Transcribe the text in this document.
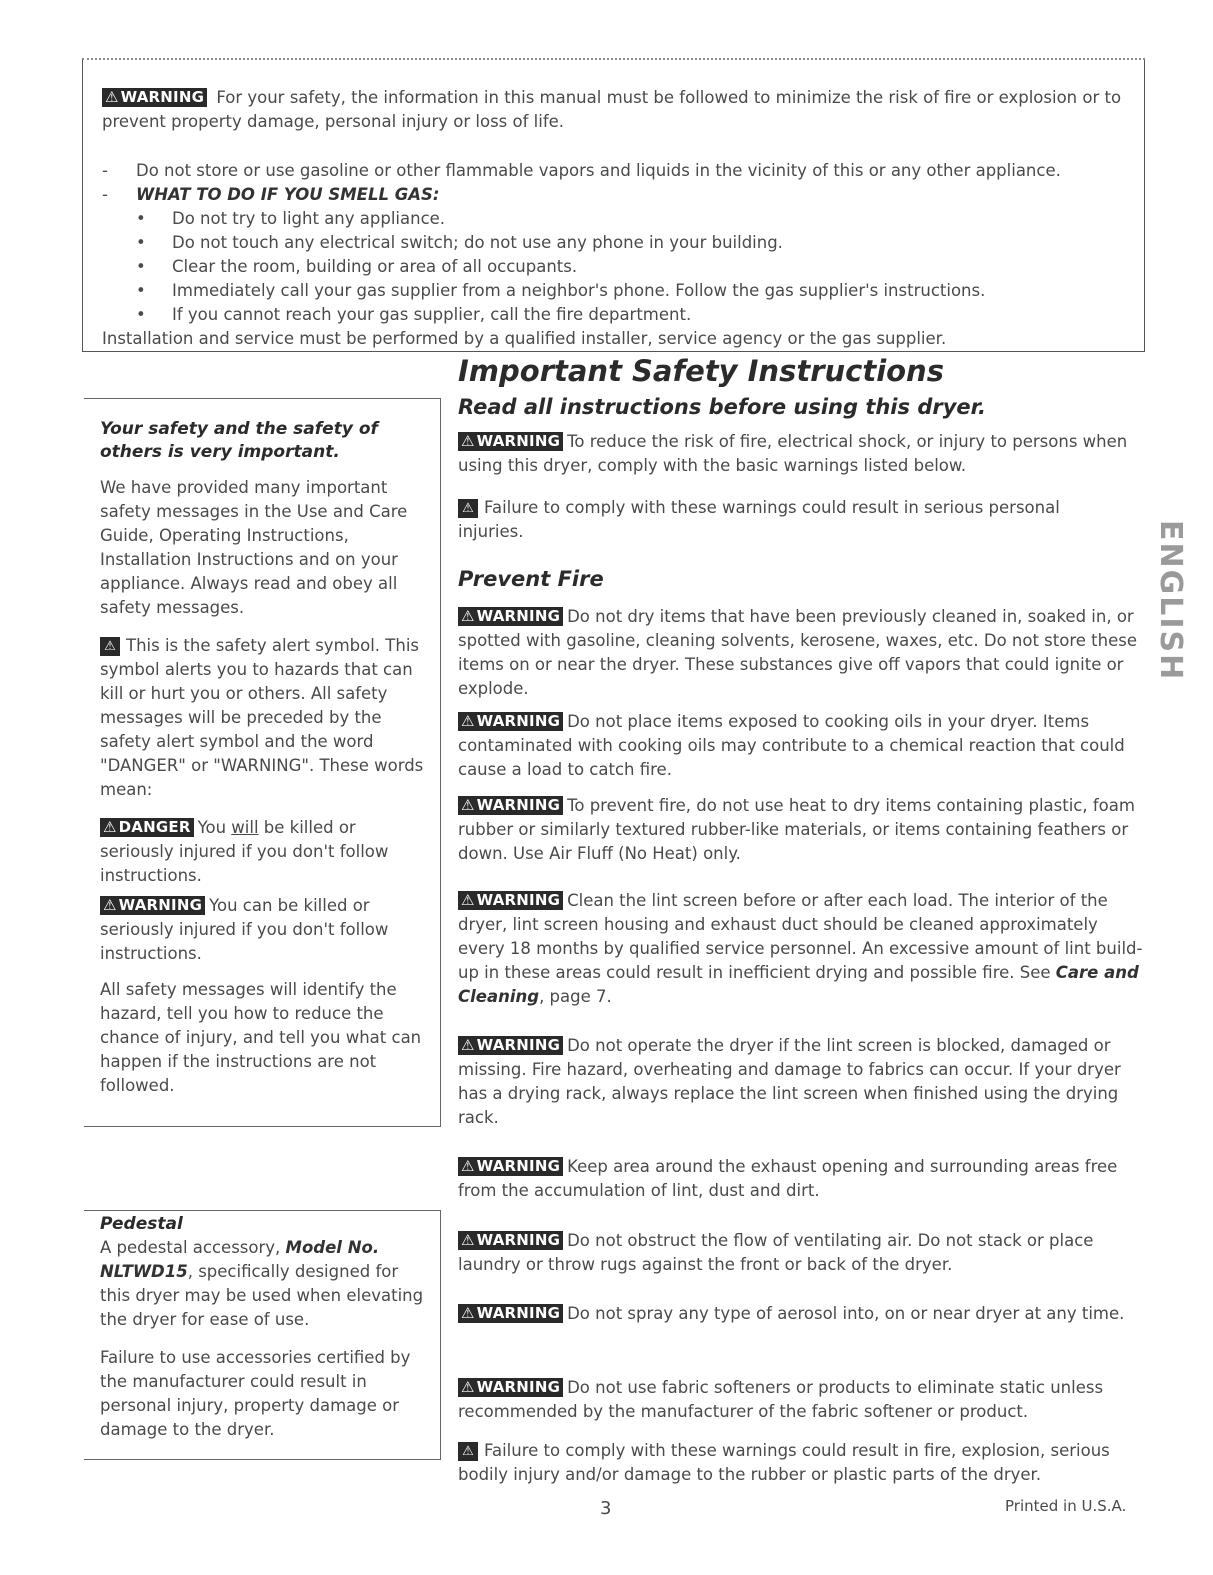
⚠ WARNING For your safety, the information in this manual must be followed to minimize the risk of fire or explosion or to prevent property damage, personal injury or loss of life.
- Do not store or use gasoline or other flammable vapors and liquids in the vicinity of this or any other appliance.
- WHAT TO DO IF YOU SMELL GAS:
• Do not try to light any appliance.
• Do not touch any electrical switch; do not use any phone in your building.
• Clear the room, building or area of all occupants.
• Immediately call your gas supplier from a neighbor's phone. Follow the gas supplier's instructions.
• If you cannot reach your gas supplier, call the fire department.
Installation and service must be performed by a qualified installer, service agency or the gas supplier.
Important Safety Instructions
Read all instructions before using this dryer.
Your safety and the safety of others is very important.
We have provided many important safety messages in the Use and Care Guide, Operating Instructions, Installation Instructions and on your appliance. Always read and obey all safety messages.
⚠ This is the safety alert symbol. This symbol alerts you to hazards that can kill or hurt you or others. All safety messages will be preceded by the safety alert symbol and the word "DANGER" or "WARNING". These words mean:
⚠ DANGER You will be killed or seriously injured if you don't follow instructions.
⚠ WARNING You can be killed or seriously injured if you don't follow instructions.
All safety messages will identify the hazard, tell you how to reduce the chance of injury, and tell you what can happen if the instructions are not followed.
Pedestal
A pedestal accessory, Model No. NLTWD15, specifically designed for this dryer may be used when elevating the dryer for ease of use.
Failure to use accessories certified by the manufacturer could result in personal injury, property damage or damage to the dryer.
⚠ WARNING To reduce the risk of fire, electrical shock, or injury to persons when using this dryer, comply with the basic warnings listed below.
⚠ Failure to comply with these warnings could result in serious personal injuries.
Prevent Fire
⚠ WARNING Do not dry items that have been previously cleaned in, soaked in, or spotted with gasoline, cleaning solvents, kerosene, waxes, etc. Do not store these items on or near the dryer. These substances give off vapors that could ignite or explode.
⚠ WARNING Do not place items exposed to cooking oils in your dryer. Items contaminated with cooking oils may contribute to a chemical reaction that could cause a load to catch fire.
⚠ WARNING To prevent fire, do not use heat to dry items containing plastic, foam rubber or similarly textured rubber-like materials, or items containing feathers or down. Use Air Fluff (No Heat) only.
⚠ WARNING Clean the lint screen before or after each load. The interior of the dryer, lint screen housing and exhaust duct should be cleaned approximately every 18 months by qualified service personnel. An excessive amount of lint build-up in these areas could result in inefficient drying and possible fire. See Care and Cleaning, page 7.
⚠ WARNING Do not operate the dryer if the lint screen is blocked, damaged or missing. Fire hazard, overheating and damage to fabrics can occur. If your dryer has a drying rack, always replace the lint screen when finished using the drying rack.
⚠ WARNING Keep area around the exhaust opening and surrounding areas free from the accumulation of lint, dust and dirt.
⚠ WARNING Do not obstruct the flow of ventilating air. Do not stack or place laundry or throw rugs against the front or back of the dryer.
⚠ WARNING Do not spray any type of aerosol into, on or near dryer at any time.
⚠ WARNING Do not use fabric softeners or products to eliminate static unless recommended by the manufacturer of the fabric softener or product.
⚠ Failure to comply with these warnings could result in fire, explosion, serious bodily injury and/or damage to the rubber or plastic parts of the dryer.
3	Printed in U.S.A.
ENGLISH
